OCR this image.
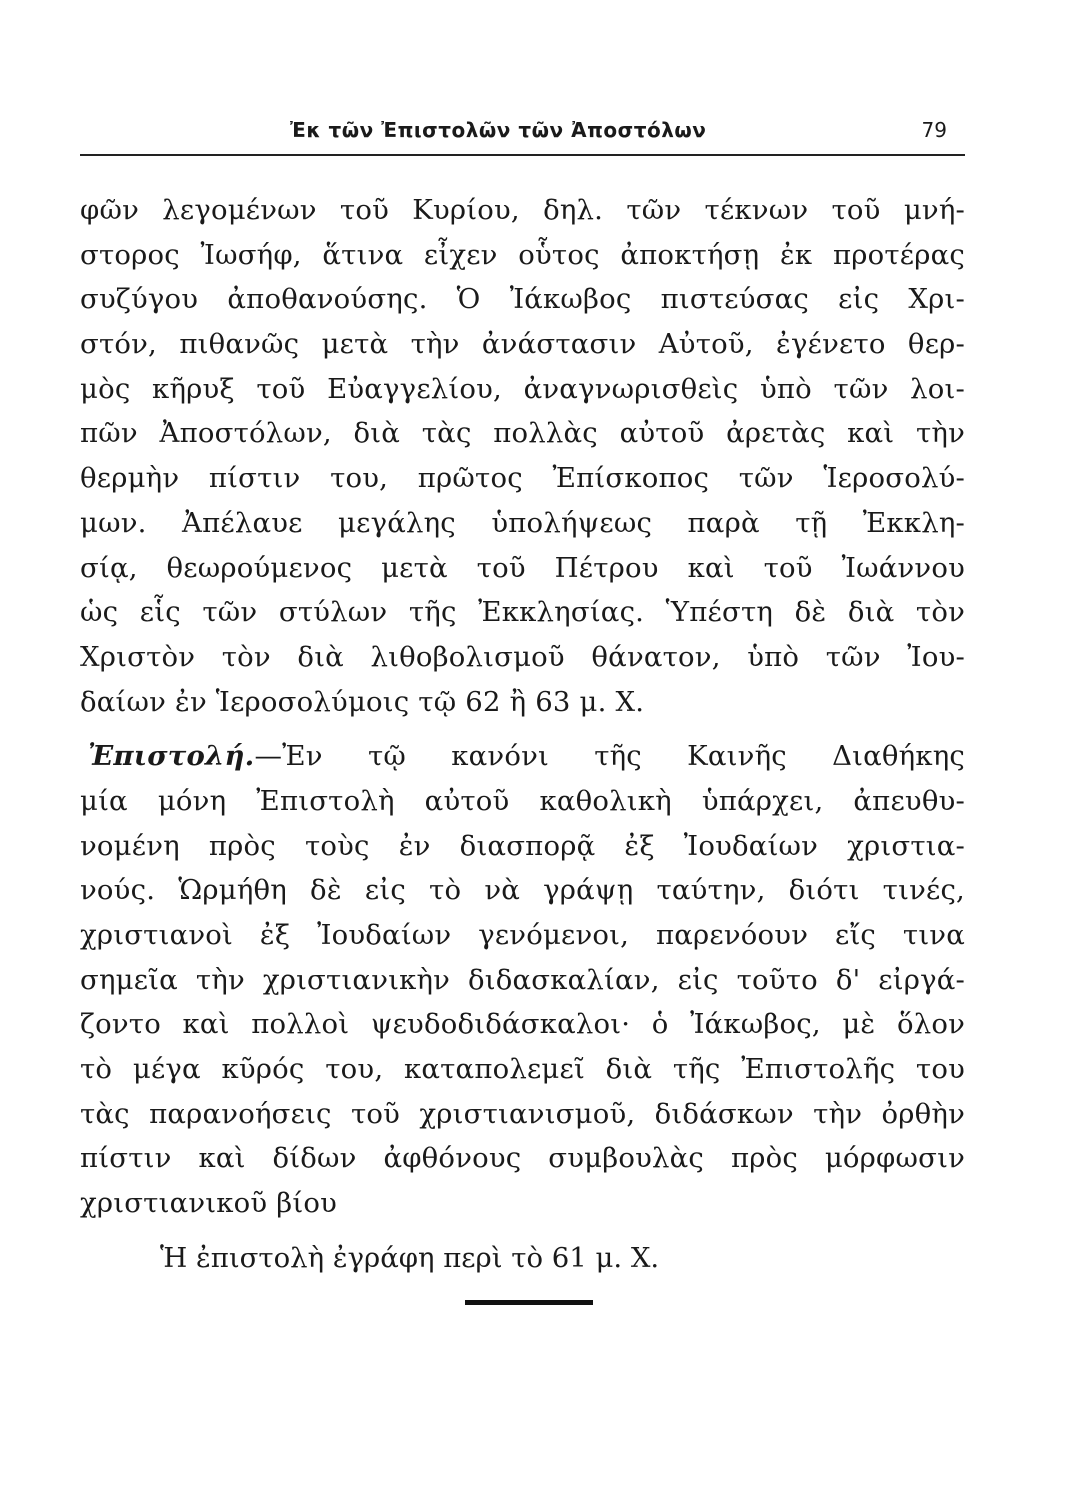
Ἐκ τῶν Ἐπιστολῶν τῶν Ἀποστόλων	79
φῶν λεγομένων τοῦ Κυρίου, δηλ. τῶν τέκνων τοῦ μνή-
στορος Ἰωσήφ, ἅτινα εἶχεν οὗτος ἀποκτήσῃ ἐκ προτέρας
συζύγου ἀποθανούσης. Ὁ Ἰάκωβος πιστεύσας εἰς Χρι-
στόν, πιθανῶς μετὰ τὴν ἀνάστασιν Αὐτοῦ, ἐγένετο θερ-
μὸς κῆρυξ τοῦ Εὐαγγελίου, ἀναγνωρισθεὶς ὑπὸ τῶν λοι-
πῶν Ἀποστόλων, διὰ τὰς πολλὰς αὐτοῦ ἀρετὰς καὶ τὴν
θερμὴν πίστιν του, πρῶτος Ἐπίσκοπος τῶν Ἱεροσολύ-
μων. Ἀπέλαυε μεγάλης ὑπολήψεως παρὰ τῇ Ἐκκλη-
σίᾳ, θεωρούμενος μετὰ τοῦ Πέτρου καὶ τοῦ Ἰωάννου
ὡς εἷς τῶν στύλων τῆς Ἐκκλησίας. Ὑπέστη δὲ διὰ τὸν
Χριστὸν τὸν διὰ λιθοβολισμοῦ θάνατον, ὑπὸ τῶν Ἰου-
δαίων ἐν Ἱεροσολύμοις τῷ 62 ἢ 63 μ. Χ.
Ἐπιστολή.—Ἐν τῷ κανόνι τῆς Καινῆς Διαθήκης
μία μόνη Ἐπιστολὴ αὐτοῦ καθολικὴ ὑπάρχει, ἀπευθυ-
νομένη πρὸς τοὺς ἐν διασπορᾷ ἐξ Ἰουδαίων χριστια-
νούς. Ὡρμήθη δὲ εἰς τὸ νὰ γράψῃ ταύτην, διότι τινές,
χριστιανοὶ ἐξ Ἰουδαίων γενόμενοι, παρενόουν εἴς τινα
σημεῖα τὴν χριστιανικὴν διδασκαλίαν, εἰς τοῦτο δ' εἰργά-
ζοντο καὶ πολλοὶ ψευδοδιδάσκαλοι· ὁ Ἰάκωβος, μὲ ὅλον
τὸ μέγα κῦρός του, καταπολεμεῖ διὰ τῆς Ἐπιστολῆς του
τὰς παρανοήσεις τοῦ χριστιανισμοῦ, διδάσκων τὴν ὀρθὴν
πίστιν καὶ δίδων ἀφθόνους συμβουλὰς πρὸς μόρφωσιν
χριστιανικοῦ βίου
Ἡ ἐπιστολὴ ἐγράφη περὶ τὸ 61 μ. Χ.
